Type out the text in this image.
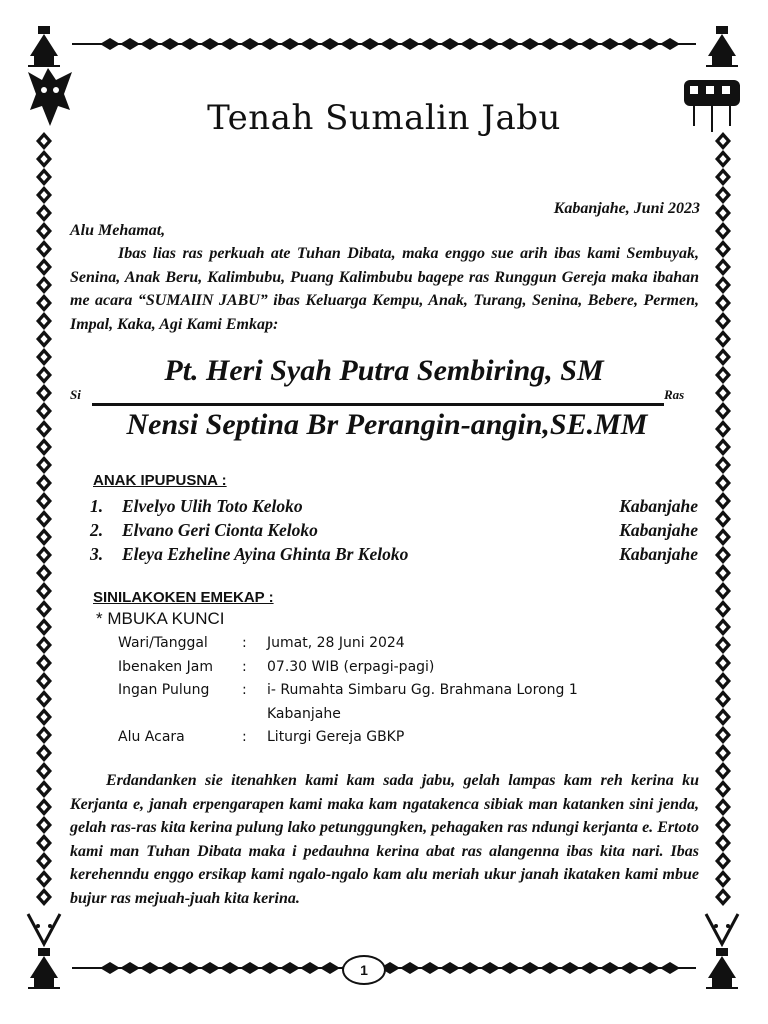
Tenah Sumalin Jabu
Kabanjahe, Juni 2023
Alu Mehamat,
Ibas lias ras perkuah ate Tuhan Dibata, maka enggo sue arih ibas kami Sembuyak, Senina, Anak Beru, Kalimbubu, Puang Kalimbubu bagepe ras Runggun Gereja maka ibahan me acara “SUMAlIN JABU” ibas Keluarga Kempu, Anak, Turang, Senina, Bebere, Permen, Impal, Kaka, Agi Kami Emkap:
Pt. Heri Syah Putra Sembiring, SM
Si	Ras
Nensi Septina Br Perangin-angin,SE.MM
ANAK IPUPUSNA :
1.	Elvelyo Ulih Toto Keloko	Kabanjahe
2.	Elvano Geri Cionta Keloko	Kabanjahe
3.	Eleya Ezheline Ayina Ghinta Br Keloko	Kabanjahe
SINILAKOKEN EMEKAP :
* MBUKA KUNCI
Wari/Tanggal	:	Jumat, 28 Juni 2024
Ibenaken Jam	:	07.30 WIB (erpagi-pagi)
Ingan Pulung	:	i- Rumahta Simbaru Gg. Brahmana Lorong 1
Kabanjahe
Alu Acara	:	Liturgi Gereja GBKP
Erdandanken sie itenahken kami kam sada jabu, gelah lampas kam reh kerina ku Kerjanta e, janah erpengarapen kami maka kam ngatakenca sibiak man katanken sini jenda, gelah ras-ras kita kerina pulung lako petunggungken, pehagaken ras ndungi kerjanta e. Ertoto kami man Tuhan Dibata maka i pedauhna kerina abat ras alangenna ibas kita nari. Ibas kerehenndu enggo ersikap kami ngalo-ngalo kam alu meriah ukur janah ikataken kami mbue bujur ras mejuah-juah kita kerina.
1
